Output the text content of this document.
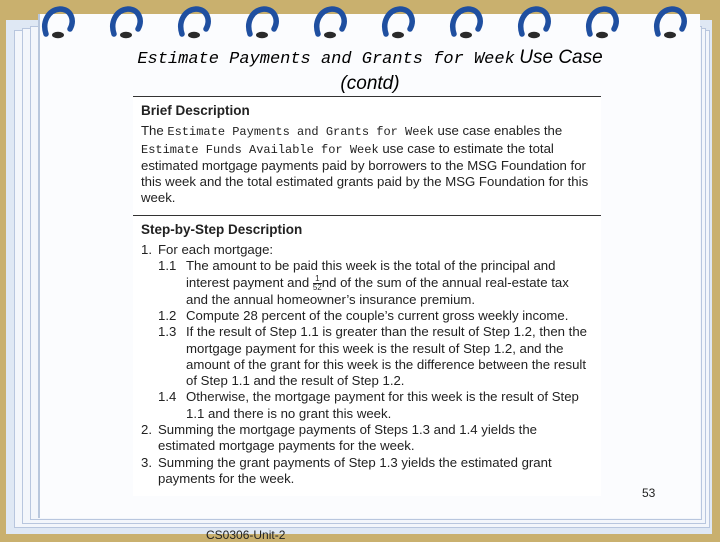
Estimate Payments and Grants for Week Use Case
(contd)
Brief Description
The Estimate Payments and Grants for Week use case enables the Estimate Funds Available for Week use case to estimate the total estimated mortgage payments paid by borrowers to the MSG Foundation for this week and the total estimated grants paid by the MSG Foundation for this week.
Step-by-Step Description
1. For each mortgage:
1.1 The amount to be paid this week is the total of the principal and interest payment and $\frac{1}{52}$ nd of the sum of the annual real-estate tax and the annual homeowner’s insurance premium.
1.2 Compute 28 percent of the couple’s current gross weekly income.
1.3 If the result of Step 1.1 is greater than the result of Step 1.2, then the mortgage payment for this week is the result of Step 1.2, and the amount of the grant for this week is the difference between the result of Step 1.1 and the result of Step 1.2.
1.4 Otherwise, the mortgage payment for this week is the result of Step 1.1 and there is no grant this week.
2. Summing the mortgage payments of Steps 1.3 and 1.4 yields the estimated mortgage payments for the week.
3. Summing the grant payments of Step 1.3 yields the estimated grant payments for the week.
53
CS0306-Unit-2
